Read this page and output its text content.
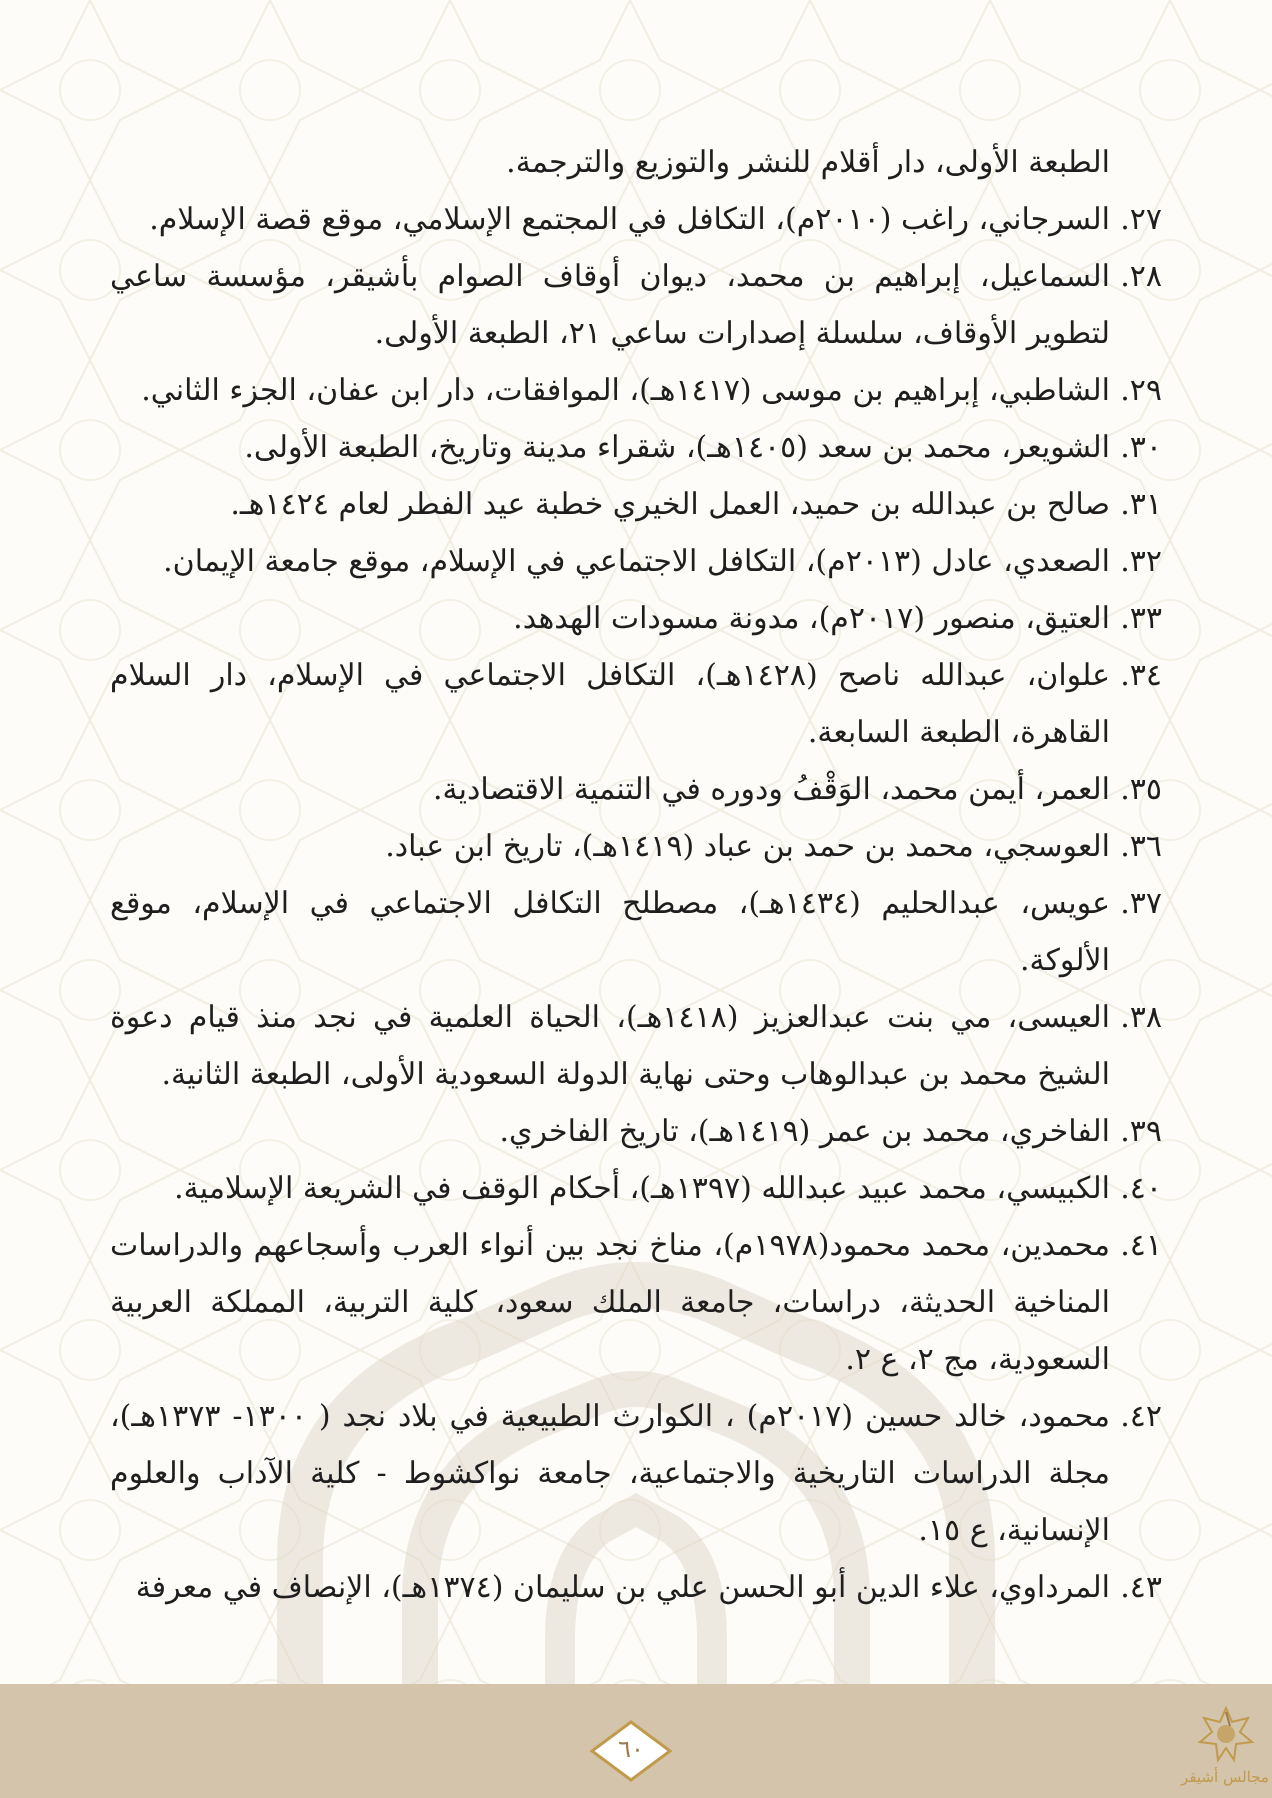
الطبعة الأولى، دار أقلام للنشر والتوزيع والترجمة.
٢٧.
السرجاني، راغب (٢٠١٠م)، التكافل في المجتمع الإسلامي، موقع قصة الإسلام.
٢٨.
السماعيل، إبراهيم بن محمد، ديوان أوقاف الصوام بأشيقر، مؤسسة ساعي لتطوير الأوقاف، سلسلة إصدارات ساعي ٢١، الطبعة الأولى.
٢٩.
الشاطبي، إبراهيم بن موسى (١٤١٧هـ)، الموافقات، دار ابن عفان، الجزء الثاني.
٣٠.
الشويعر، محمد بن سعد (١٤٠٥هـ)، شقراء مدينة وتاريخ، الطبعة الأولى.
٣١.
صالح بن عبدالله بن حميد، العمل الخيري خطبة عيد الفطر لعام ١٤٢٤هـ.
٣٢.
الصعدي، عادل (٢٠١٣م)، التكافل الاجتماعي في الإسلام، موقع جامعة الإيمان.
٣٣.
العتيق، منصور (٢٠١٧م)، مدونة مسودات الهدهد.
٣٤.
علوان، عبدالله ناصح (١٤٢٨هـ)، التكافل الاجتماعي في الإسلام، دار السلام القاهرة، الطبعة السابعة.
٣٥.
العمر، أيمن محمد، الوَقْفُ ودوره في التنمية الاقتصادية.
٣٦.
العوسجي، محمد بن حمد بن عباد (١٤١٩هـ)، تاريخ ابن عباد.
٣٧.
عويس، عبدالحليم (١٤٣٤هـ)، مصطلح التكافل الاجتماعي في الإسلام، موقع الألوكة.
٣٨.
العيسى، مي بنت عبدالعزيز (١٤١٨هـ)، الحياة العلمية في نجد منذ قيام دعوة الشيخ محمد بن عبدالوهاب وحتى نهاية الدولة السعودية الأولى، الطبعة الثانية.
٣٩.
الفاخري، محمد بن عمر (١٤١٩هـ)، تاريخ الفاخري.
٤٠.
الكبيسي، محمد عبيد عبدالله (١٣٩٧هـ)، أحكام الوقف في الشريعة الإسلامية.
٤١.
محمدين، محمد محمود(١٩٧٨م)، مناخ نجد بين أنواء العرب وأسجاعهم والدراسات المناخية الحديثة، دراسات، جامعة الملك سعود، كلية التربية، المملكة العربية السعودية، مج ٢، ع ٢.
٤٢.
محمود، خالد حسين (٢٠١٧م) ، الكوارث الطبيعية في بلاد نجد ( ١٣٠٠- ١٣٧٣هـ)، مجلة الدراسات التاريخية والاجتماعية، جامعة نواكشوط - كلية الآداب والعلوم الإنسانية، ع ١٥.
٤٣.
المرداوي، علاء الدين أبو الحسن علي بن سليمان (١٣٧٤هـ)، الإنصاف في معرفة
٦٠
مجالس أشيقر
